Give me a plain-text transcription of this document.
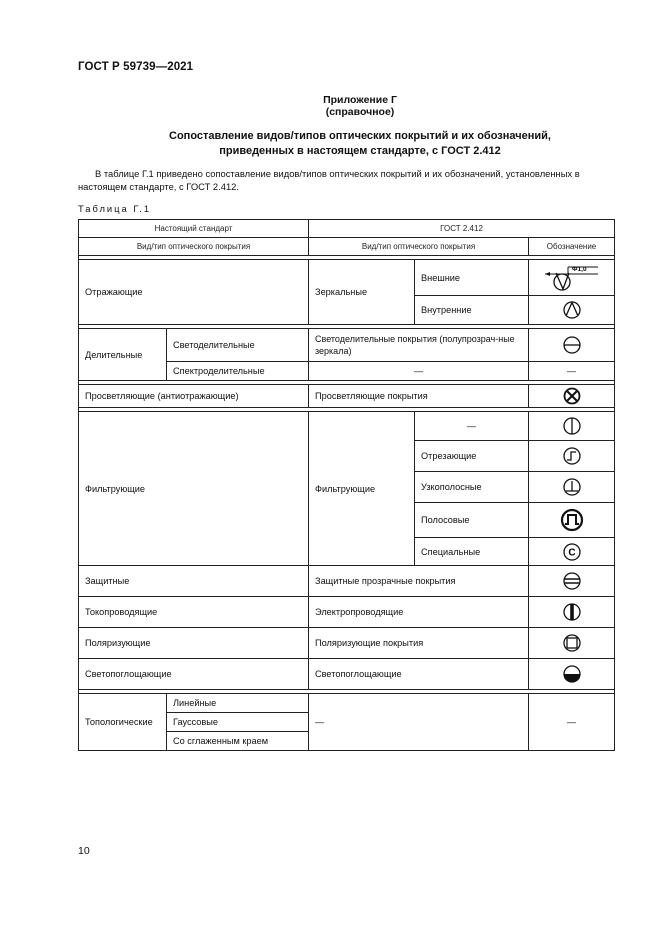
ГОСТ Р 59739—2021
Приложение Г
(справочное)
Сопоставление видов/типов оптических покрытий и их обозначений,
приведенных в настоящем стандарте, с ГОСТ 2.412
В таблице Г.1 приведено сопоставление видов/типов оптических покрытий и их обозначений, установленных в настоящем стандарте, с ГОСТ 2.412.
Таблица Г.1
Настоящий стандарт		ГОСТ 2.412		
Вид/тип оптического покрытия		Вид/тип оптического покрытия		Обозначение

Отражающие		Зеркальные	Внешние	Ф1,0

			Внутренние	

Делительные	Светоделительные	Светоделительные покрытия (полупрозрач-ные зеркала)	

	Спектроделительные	—		—

Просветляющие (антиотражающие)		Просветляющие покрытия	

Фильтрующие		Фильтрующие	—	

			Отрезающие	

			Узкополосные	

			Полосовые	

			Специальные	С

Защитные		Защитные прозрачные покрытия	

Токопроводящие		Электропроводящие	

Поляризующие		Поляризующие покрытия	

Светопоглощающие		Светопоглощающие	

Топологические	Линейные	—		—
	Гауссовые			
	Со сглаженным краем			
10
